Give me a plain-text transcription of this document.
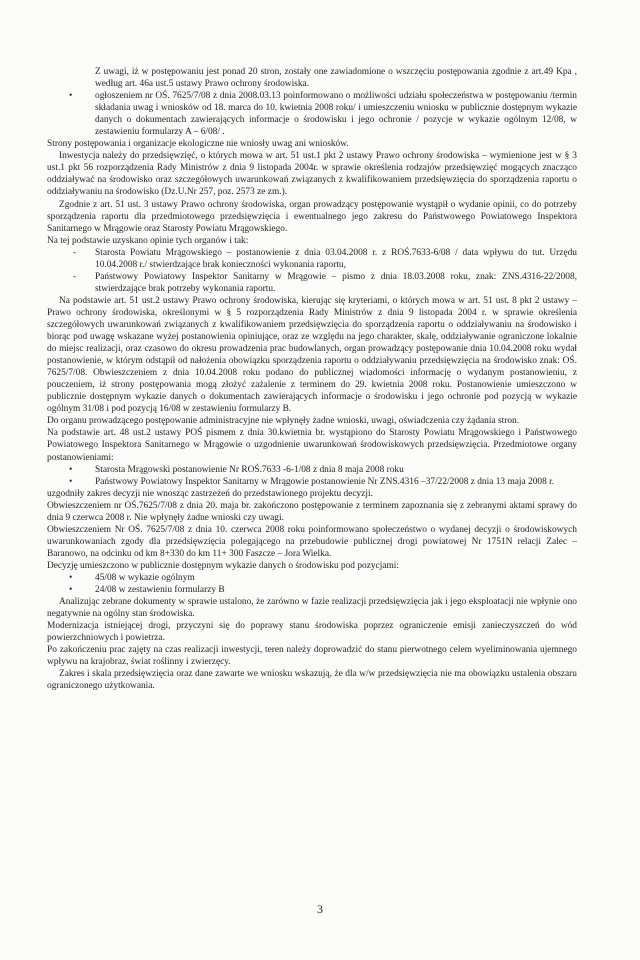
Z uwagi, iż w postępowaniu jest ponad 20 stron, zostały one zawiadomione o wszczęciu postępowania zgodnie z art.49 Kpa , według art. 46a ust.5 ustawy Prawo ochrony środowiska.

•
ogłoszeniem nr OŚ. 7625/7/08 z dnia 2008.03.13 poinformowano o możliwości udziału społeczeństwa w postępowaniu /termin składania uwag i wniosków od 18. marca do 10. kwietnia 2008 roku/ i umieszczeniu wniosku w publicznie dostępnym wykazie danych o dokumentach zawierających informacje o środowisku i jego ochronie / pozycje w wykazie ogólnym 12/08, w zestawieniu formularzy A – 6/08/ .

Strony postępowania i organizacje ekologiczne nie wniosły uwag ani wniosków.

Inwestycja należy do przedsięwzięć, o których mowa w art. 51 ust.1 pkt 2 ustawy Prawo ochrony środowiska – wymienione jest w § 3 ust.1 pkt 56 rozporządzenia Rady Ministrów z dnia 9 listopada 2004r. w sprawie określenia rodzajów przedsięwzięć mogących znacząco oddziaływać na środowisko oraz szczegółowych uwarunkowań związanych z kwalifikowaniem przedsięwzięcia do sporządzenia raportu o oddziaływaniu na środowisko (Dz.U.Nr 257, poz. 2573 ze zm.).

Zgodnie z art. 51 ust. 3 ustawy Prawo ochrony środowiska, organ prowadzący postępowanie wystąpił o wydanie opinii, co do potrzeby sporządzenia raportu dla przedmiotowego przedsięwzięcia i ewentualnego jego zakresu do Państwowego Powiatowego Inspektora Sanitarnego w Mrągowie oraz Starosty Powiatu Mrągowskiego.

Na tej podstawie uzyskano opinie tych organów i tak:

-
Starosta Powiatu Mrągowskiego – postanowienie z dnia 03.04.2008 r. z ROŚ.7633-6/08 / data wpływu do tut. Urzędu 10.04.2008 r./ stwierdzające brak konieczności wykonania raportu,
-
Państwowy Powiatowy Inspektor Sanitarny w Mrągowie – pismo z dnia 18.03.2008 roku, znak: ZNS.4316-22/2008, stwierdzające brak potrzeby wykonania raportu.

Na podstawie art. 51 ust.2 ustawy Prawo ochrony środowiska, kierując się kryteriami, o których mowa w art. 51 ust. 8 pkt 2 ustawy – Prawo ochrony środowiska, określonymi w § 5 rozporządzenia Rady Ministrów z dnia 9 listopada 2004 r. w sprawie określenia szczegółowych uwarunkowań związanych z kwalifikowaniem przedsięwzięcia do sporządzenia raportu o oddziaływaniu na środowisko i biorąc pod uwagę wskazane wyżej postanowienia opiniujące, oraz ze względu na jego charakter, skalę, oddziaływanie ograniczone lokalnie do miejsc realizacji, oraz czasowo do okresu prowadzenia prac budowlanych, organ prowadzący postępowanie dnia 10.04.2008 roku wydał postanowienie, w którym odstąpił od nałożenia obowiązku sporządzenia raportu o oddziaływaniu przedsięwzięcia na środowisko znak: OŚ. 7625/7/08. Obwieszczeniem z dnia 10.04.2008 roku podano do publicznej wiadomości informację o wydanym postanowieniu, z pouczeniem, iż strony postępowania mogą złożyć zażalenie z terminem do 29. kwietnia 2008 roku. Postanowienie umieszczono w publicznie dostępnym wykazie danych o dokumentach zawierających informacje o środowisku i jego ochronie pod pozycją w wykazie ogólnym 31/08 i pod pozycją 16/08 w zestawieniu formularzy B.

Do organu prowadzącego postępowanie administracyjne nie wpłynęły żadne wnioski, uwagi, oświadczenia czy żądania stron.

Na podstawie art. 48 ust.2 ustawy POŚ pismem z dnia 30.kwietnia br. wystąpiono do Starosty Powiatu Mrągowskiego i Państwowego Powiatowego Inspektora Sanitarnego w Mrągowie o uzgodnienie uwarunkowań środowiskowych przedsięwzięcia. Przedmiotowe organy postanowieniami:

•
Starosta Mrągowski postanowienie Nr ROŚ.7633 -6-1/08 z dnia 8 maja 2008 roku
•
Państwowy Powiatowy Inspektor Sanitarny w Mrągowie postanowienie Nr ZNS.4316 –37/22/2008 z dnia 13 maja 2008 r.

uzgodniły zakres decyzji nie wnosząc zastrzeżeń do przedstawionego projektu decyzji.

Obwieszczeniem nr OŚ.7625/7/08 z dnia 20. maja br. zakończono postępowanie z terminem zapoznania się z zebranymi aktami sprawy do dnia 9 czerwca 2008 r. Nie wpłynęły żadne wnioski czy uwagi.

Obwieszczeniem Nr OŚ. 7625/7/08 z dnia 10. czerwca 2008 roku poinformowano społeczeństwo o wydanej decyzji o środowiskowych uwarunkowaniach zgody dla przedsięwzięcia polegającego na przebudowie publicznej drogi powiatowej Nr 1751N relacji Zalec – Baranowo, na odcinku od km 8+330 do km 11+ 300 Faszcze – Jora Wielka.

Decyzję umieszczono w publicznie dostępnym wykazie danych o środowisku pod pozycjami:

•
45/08 w wykazie ogólnym
•
24/08 w zestawieniu formularzy B

Analizując zebrane dokumenty w sprawie ustalono, że zarówno w fazie realizacji przedsięwzięcia jak i jego eksploatacji nie wpłynie ono negatywnie na ogólny stan środowiska.

Modernizacja istniejącej drogi, przyczyni się do poprawy stanu środowiska poprzez ograniczenie emisji zanieczyszczeń do wód powierzchniowych i powietrza.

Po zakończeniu prac zajęty na czas realizacji inwestycji, teren należy doprowadzić do stanu pierwotnego celem wyeliminowania ujemnego wpływu na krajobraz, świat roślinny i zwierzęcy.

Zakres i skala przedsięwzięcia oraz dane zawarte we wniosku wskazują, że dla w/w przedsięwzięcia nie ma obowiązku ustalenia obszaru ograniczonego użytkowania.

3
